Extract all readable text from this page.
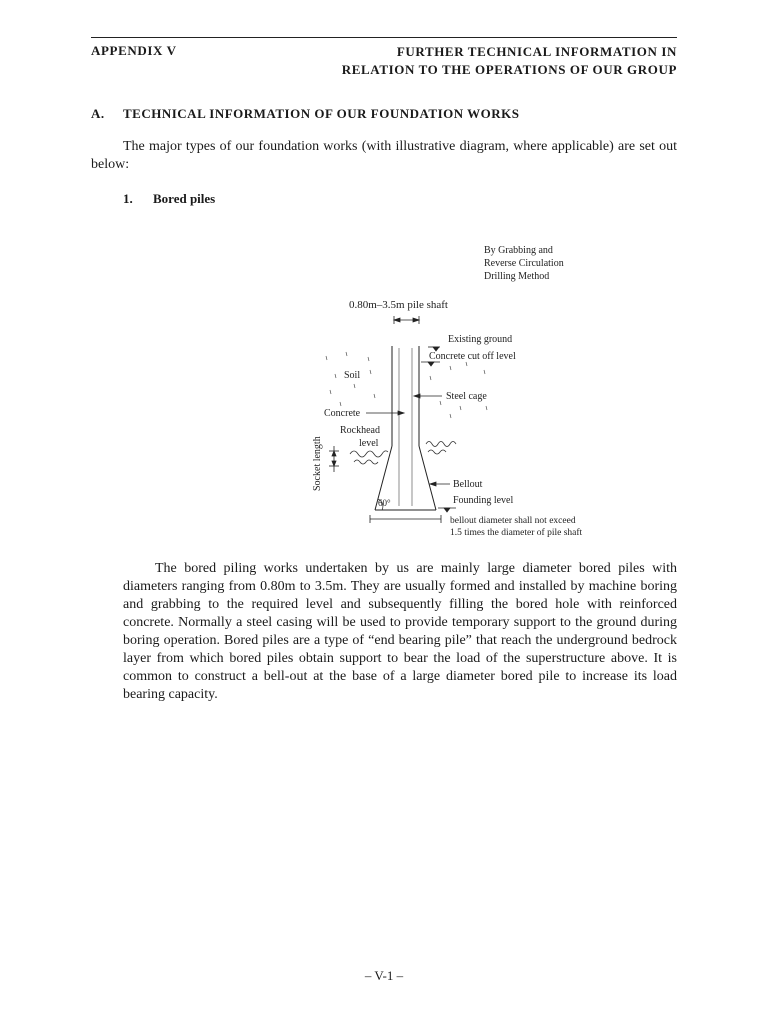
APPENDIX V	FURTHER TECHNICAL INFORMATION IN
RELATION TO THE OPERATIONS OF OUR GROUP
A. TECHNICAL INFORMATION OF OUR FOUNDATION WORKS

The major types of our foundation works (with illustrative diagram, where applicable) are set out below:

1. Bored piles
By Grabbing and
Reverse Circulation
Drilling Method
0.80m–3.5m pile shaft
Existing ground
Concrete cut off level
Soil
Steel cage
Concrete
Rockhead
level
Socket length	Bellout
Founding level
60°
bellout diameter shall not exceed
1.5 times the diameter of pile shaft

The bored piling works undertaken by us are mainly large diameter bored piles with diameters ranging from 0.80m to 3.5m. They are usually formed and installed by machine boring and grabbing to the required level and subsequently filling the bored hole with reinforced concrete. Normally a steel casing will be used to provide temporary support to the ground during boring operation. Bored piles are a type of “end bearing pile” that reach the underground bedrock layer from which bored piles obtain support to bear the load of the superstructure above. It is common to construct a bell-out at the base of a large diameter bored pile to increase its load bearing capacity.

– V-1 –
